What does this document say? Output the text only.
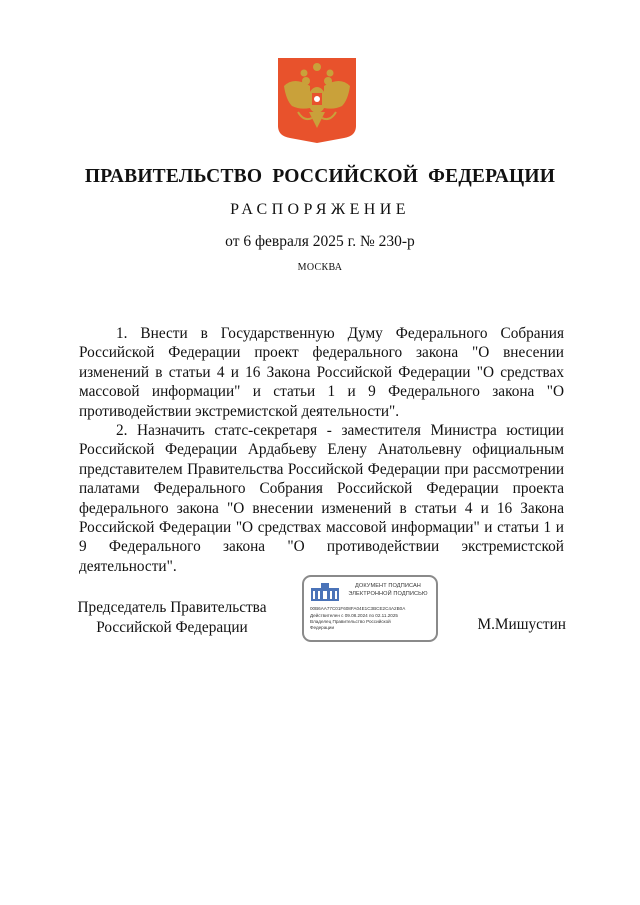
ПРАВИТЕЛЬСТВО РОССИЙСКОЙ ФЕДЕРАЦИИ
РАСПОРЯЖЕНИЕ
от 6 февраля 2025 г. № 230-р
МОСКВА

1. Внести в Государственную Думу Федерального Собрания Российской Федерации проект федерального закона "О внесении изменений в статьи 4 и 16 Закона Российской Федерации "О средствах массовой информации" и статьи 1 и 9 Федерального закона "О противодействии экстремистской деятельности".

2. Назначить статс-секретаря - заместителя Министра юстиции Российской Федерации Ардабьеву Елену Анатольевну официальным представителем Правительства Российской Федерации при рассмотрении палатами Федерального Собрания Российской Федерации проекта федерального закона "О внесении изменений в статьи 4 и 16 Закона Российской Федерации "О средствах массовой информации" и статьи 1 и 9 Федерального закона "О противодействии экстремистской деятельности".

Председатель Правительства
Российской Федерации
ДОКУМЕНТ ПОДПИСАН
ЭЛЕКТРОННОЙ ПОДПИСЬЮ
00B6AA77C01F608FA04E1C3BCE2C4A2B0A
Действителен с 09.08.2024 по 02.11.2025
Владелец Правительство Российской
Федерации	М.Мишустин
